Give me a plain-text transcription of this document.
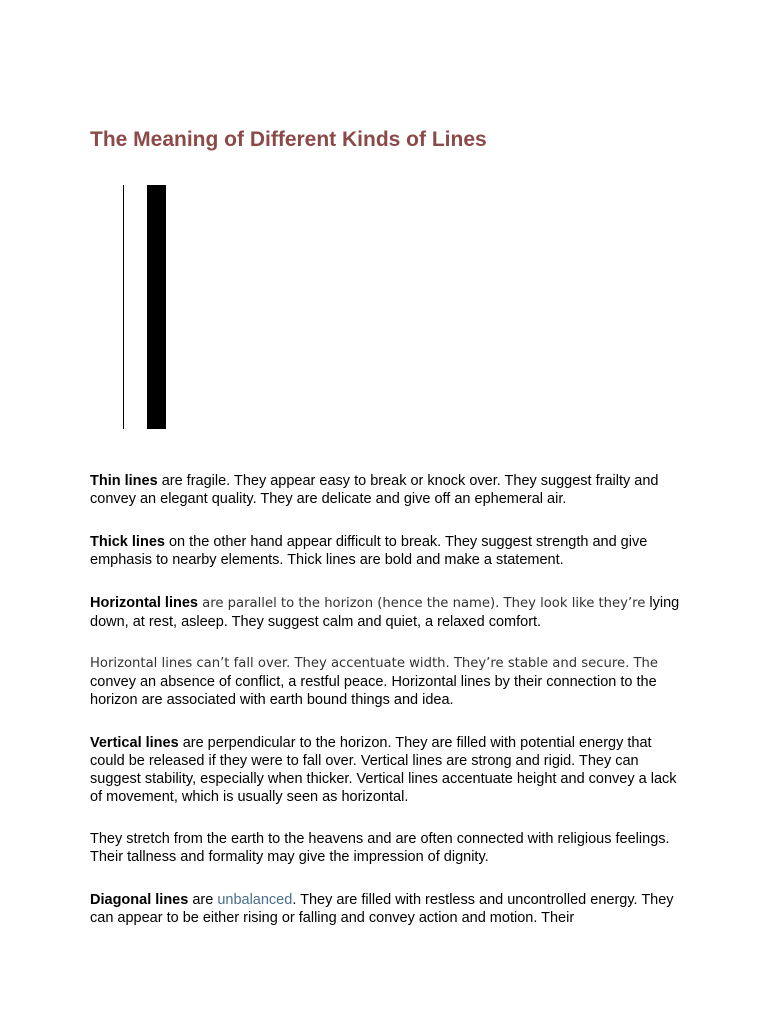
The Meaning of Different Kinds of Lines

Thin lines are fragile. They appear easy to break or knock over. They suggest frailty and convey an elegant quality. They are delicate and give off an ephemeral air.

Thick lines on the other hand appear difficult to break. They suggest strength and give emphasis to nearby elements. Thick lines are bold and make a statement.

Horizontal lines are parallel to the horizon (hence the name). They look like they’re lying down, at rest, asleep. They suggest calm and quiet, a relaxed comfort.

Horizontal lines can’t fall over. They accentuate width. They’re stable and secure. The convey an absence of conflict, a restful peace. Horizontal lines by their connection to the horizon are associated with earth bound things and idea.

Vertical lines are perpendicular to the horizon. They are filled with potential energy that could be released if they were to fall over. Vertical lines are strong and rigid. They can suggest stability, especially when thicker. Vertical lines accentuate height and convey a lack of movement, which is usually seen as horizontal.

They stretch from the earth to the heavens and are often connected with religious feelings. Their tallness and formality may give the impression of dignity.

Diagonal lines are unbalanced. They are filled with restless and uncontrolled energy. They can appear to be either rising or falling and convey action and motion. Their
